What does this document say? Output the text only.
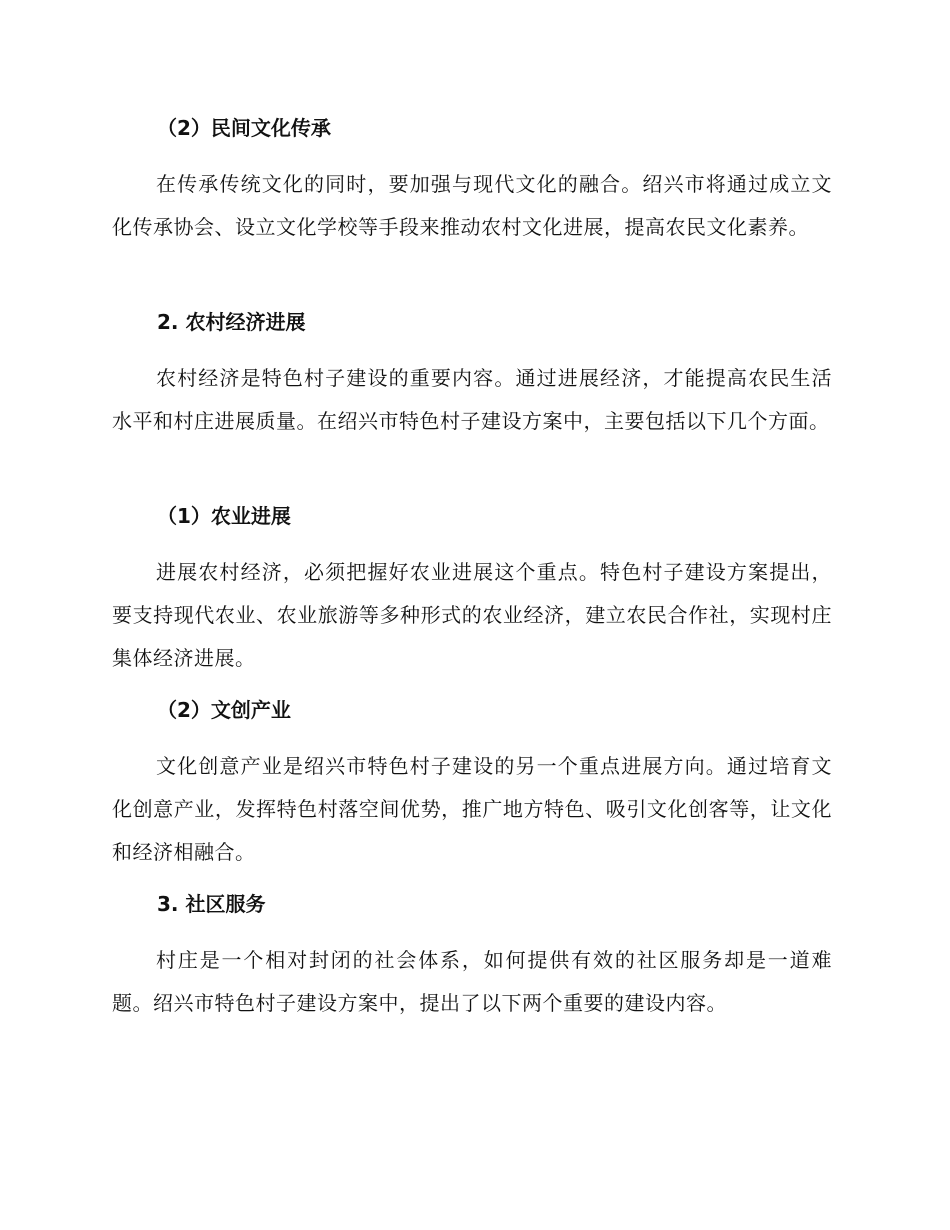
（2）民间文化传承

在传承传统文化的同时，要加强与现代文化的融合。绍兴市将通过成立文化传承协会、设立文化学校等手段来推动农村文化进展，提高农民文化素养。

2. 农村经济进展

农村经济是特色村子建设的重要内容。通过进展经济，才能提高农民生活水平和村庄进展质量。在绍兴市特色村子建设方案中，主要包括以下几个方面。

（1）农业进展

进展农村经济，必须把握好农业进展这个重点。特色村子建设方案提出，要支持现代农业、农业旅游等多种形式的农业经济，建立农民合作社，实现村庄集体经济进展。

（2）文创产业

文化创意产业是绍兴市特色村子建设的另一个重点进展方向。通过培育文化创意产业，发挥特色村落空间优势，推广地方特色、吸引文化创客等，让文化和经济相融合。

3. 社区服务

村庄是一个相对封闭的社会体系，如何提供有效的社区服务却是一道难题。绍兴市特色村子建设方案中，提出了以下两个重要的建设内容。
